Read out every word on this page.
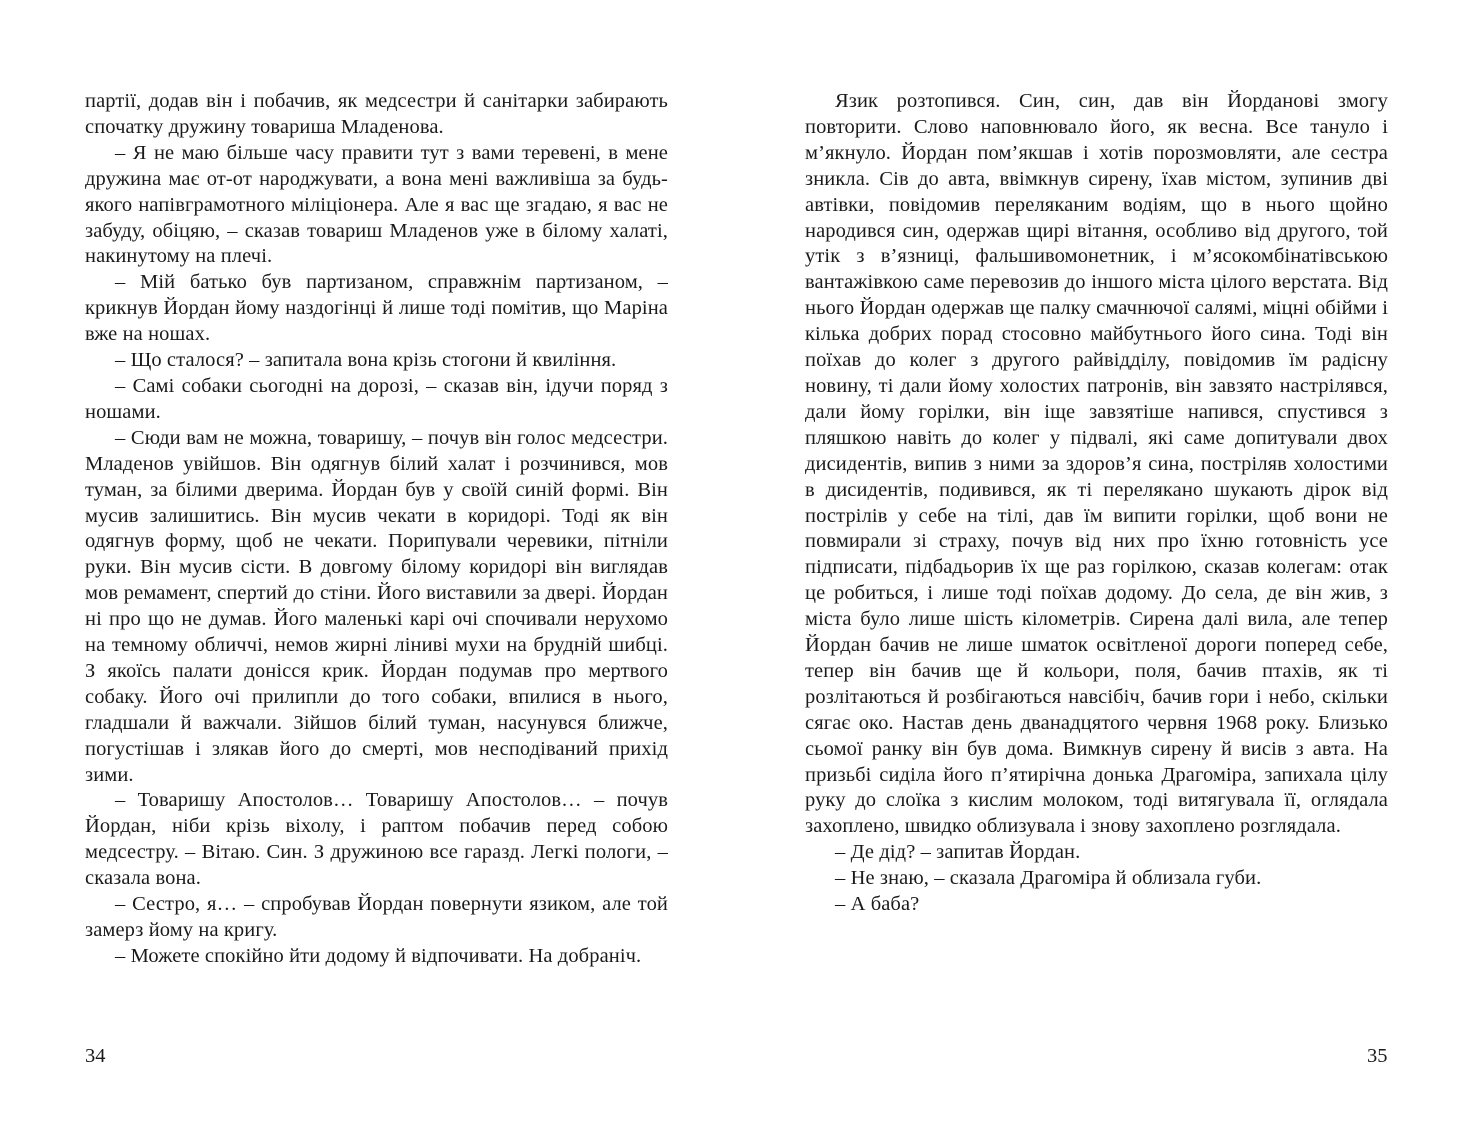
партії, додав він і побачив, як медсестри й санітарки забирають спочатку дружину товариша Младенова.

– Я не маю більше часу правити тут з вами теревені, в мене дружина має от-от народжувати, а вона мені важливіша за будь-якого напівграмотного міліціонера. Але я вас ще згадаю, я вас не забуду, обіцяю, – сказав товариш Младенов уже в білому халаті, накинутому на плечі.

– Мій батько був партизаном, справжнім партизаном, – крикнув Йордан йому наздогінці й лише тоді помітив, що Маріна вже на ношах.

– Що сталося? – запитала вона крізь стогони й квиління.

– Самі собаки сьогодні на дорозі, – сказав він, ідучи поряд з ношами.

– Сюди вам не можна, товаришу, – почув він голос медсестри. Младенов увійшов. Він одягнув білий халат і розчинився, мов туман, за білими дверима. Йордан був у своїй синій формі. Він мусив залишитись. Він мусив чекати в коридорі. Тоді як він одягнув форму, щоб не чекати. Порипували черевики, пітніли руки. Він мусив сісти. В довгому білому коридорі він виглядав мов ремамент, спертий до стіни. Його виставили за двері. Йордан ні про що не думав. Його маленькі карі очі спочивали нерухомо на темному обличчі, немов жирні ліниві мухи на брудній шибці. З якоїсь палати донісся крик. Йордан подумав про мертвого собаку. Його очі прилипли до того собаки, впилися в нього, гладшали й важчали. Зійшов білий туман, насунувся ближче, погустішав і злякав його до смерті, мов несподіваний прихід зими.

– Товаришу Апостолов… Товаришу Апостолов… – почув Йордан, ніби крізь віхолу, і раптом побачив перед собою медсестру. – Вітаю. Син. З дружиною все гаразд. Легкі пологи, – сказала вона.

– Сестро, я… – спробував Йордан повернути язиком, але той замерз йому на кригу.

– Можете спокійно йти додому й відпочивати. На добраніч.

34

Язик розтопився. Син, син, дав він Йорданові змогу повторити. Слово наповнювало його, як весна. Все тануло і м’якнуло. Йордан пом’якшав і хотів порозмовляти, але сестра зникла. Сів до авта, ввімкнув сирену, їхав містом, зупинив дві автівки, повідомив переляканим водіям, що в нього щойно народився син, одержав щирі вітання, особливо від другого, той утік з в’язниці, фальшивомонетник, і м’ясокомбінатівською вантажівкою саме перевозив до іншого міста цілого верстата. Від нього Йордан одержав ще палку смачнючої салямі, міцні обійми і кілька добрих порад стосовно майбутнього його сина. Тоді він поїхав до колег з другого райвідділу, повідомив їм радісну новину, ті дали йому холостих патронів, він завзято настрілявся, дали йому горілки, він іще завзятіше напився, спустився з пляшкою навіть до колег у підвалі, які саме допитували двох дисидентів, випив з ними за здоров’я сина, постріляв холостими в дисидентів, подивився, як ті перелякано шукають дірок від пострілів у себе на тілі, дав їм випити горілки, щоб вони не повмирали зі страху, почув від них про їхню готовність усе підписати, підбадьорив їх ще раз горілкою, сказав колегам: отак це робиться, і лише тоді поїхав додому. До села, де він жив, з міста було лише шість кілометрів. Сирена далі вила, але тепер Йордан бачив не лише шматок освітленої дороги поперед себе, тепер він бачив ще й кольори, поля, бачив птахів, як ті розлітаються й розбігаються навсібіч, бачив гори і небо, скільки сягає око. Настав день дванадцятого червня 1968 року. Близько сьомої ранку він був дома. Вимкнув сирену й висів з авта. На призьбі сиділа його п’ятирічна донька Драгоміра, запихала цілу руку до слоїка з кислим молоком, тоді витягувала її, оглядала захоплено, швидко облизувала і знову захоплено розглядала.

– Де дід? – запитав Йордан.

– Не знаю, – сказала Драгоміра й облизала губи.

– А баба?

35
